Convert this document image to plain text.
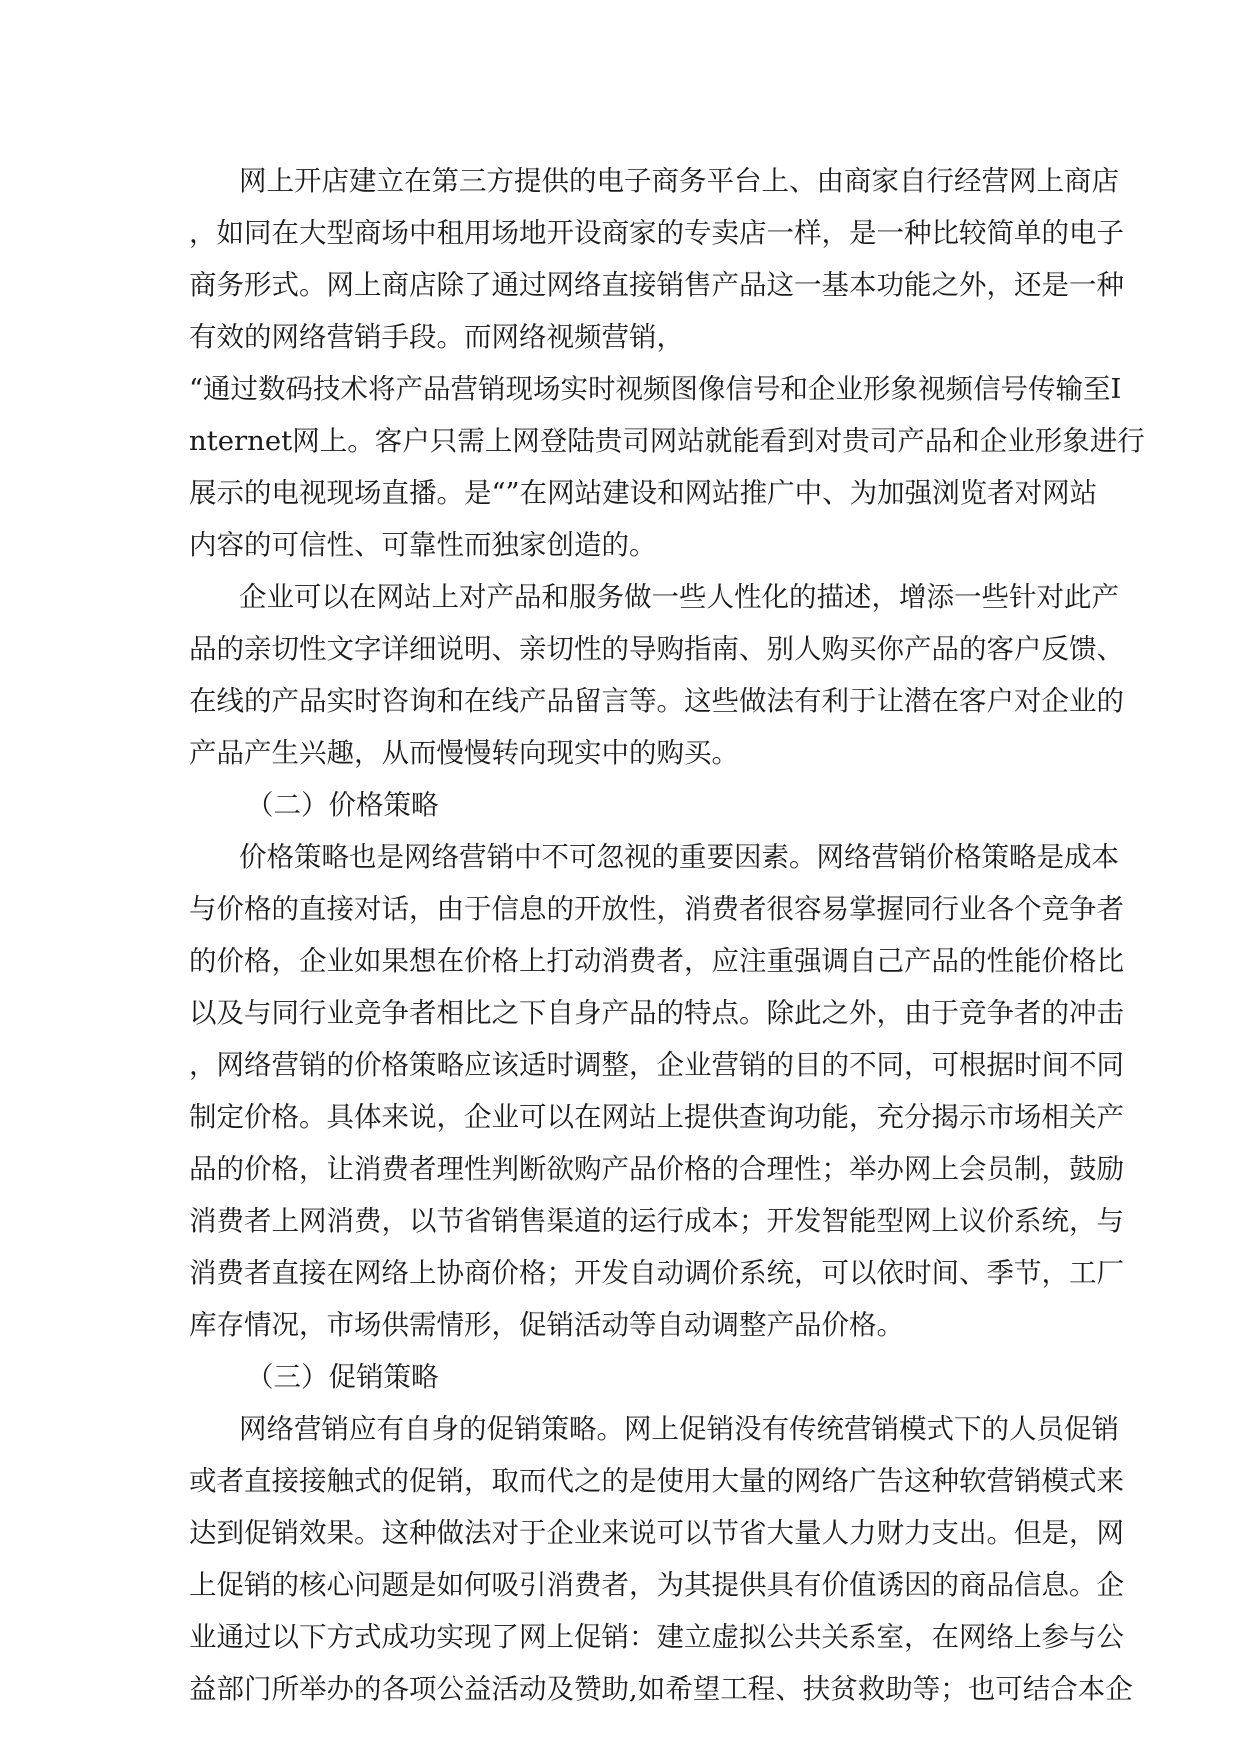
网上开店建立在第三方提供的电子商务平台上、由商家自行经营网上商店
，如同在大型商场中租用场地开设商家的专卖店一样，是一种比较简单的电子
商务形式。网上商店除了通过网络直接销售产品这一基本功能之外，还是一种
有效的网络营销手段。而网络视频营销，
“通过数码技术将产品营销现场实时视频图像信号和企业形象视频信号传输至I
nternet网上。客户只需上网登陆贵司网站就能看到对贵司产品和企业形象进行
展示的电视现场直播。是“”在网站建设和网站推广中、为加强浏览者对网站
内容的可信性、可靠性而独家创造的。
企业可以在网站上对产品和服务做一些人性化的描述，增添一些针对此产
品的亲切性文字详细说明、亲切性的导购指南、别人购买你产品的客户反馈、
在线的产品实时咨询和在线产品留言等。这些做法有利于让潜在客户对企业的
产品产生兴趣，从而慢慢转向现实中的购买。
（二）价格策略
价格策略也是网络营销中不可忽视的重要因素。网络营销价格策略是成本
与价格的直接对话，由于信息的开放性，消费者很容易掌握同行业各个竞争者
的价格，企业如果想在价格上打动消费者，应注重强调自己产品的性能价格比
以及与同行业竞争者相比之下自身产品的特点。除此之外，由于竞争者的冲击
，网络营销的价格策略应该适时调整，企业营销的目的不同，可根据时间不同
制定价格。具体来说，企业可以在网站上提供查询功能，充分揭示市场相关产
品的价格，让消费者理性判断欲购产品价格的合理性；举办网上会员制，鼓励
消费者上网消费，以节省销售渠道的运行成本；开发智能型网上议价系统，与
消费者直接在网络上协商价格；开发自动调价系统，可以依时间、季节，工厂
库存情况，市场供需情形，促销活动等自动调整产品价格。
（三）促销策略
网络营销应有自身的促销策略。网上促销没有传统营销模式下的人员促销
或者直接接触式的促销，取而代之的是使用大量的网络广告这种软营销模式来
达到促销效果。这种做法对于企业来说可以节省大量人力财力支出。但是，网
上促销的核心问题是如何吸引消费者，为其提供具有价值诱因的商品信息。企
业通过以下方式成功实现了网上促销：建立虚拟公共关系室，在网络上参与公
益部门所举办的各项公益活动及赞助,如希望工程、扶贫救助等；也可结合本企
